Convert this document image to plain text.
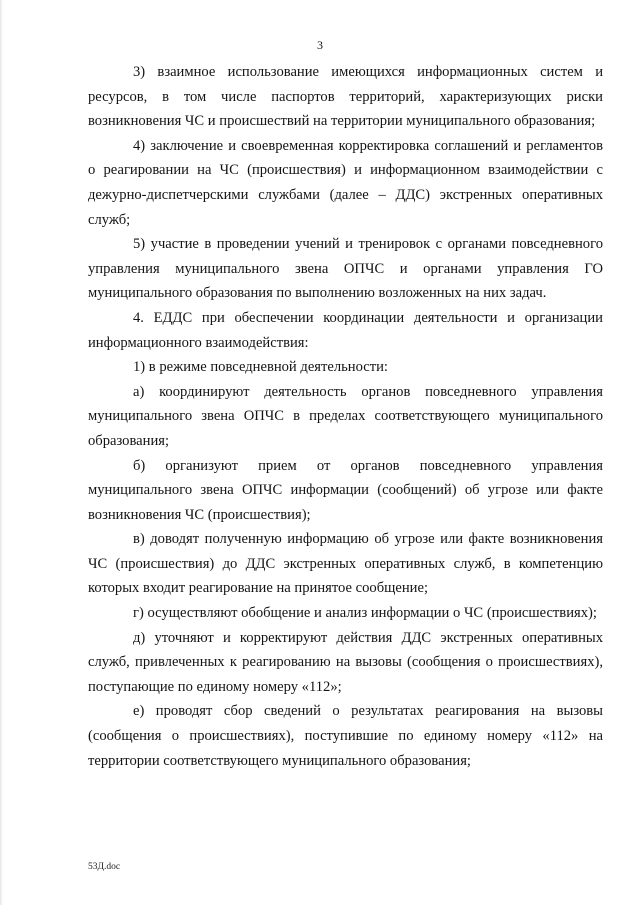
3

3) взаимное использование имеющихся информационных систем и ресурсов, в том числе паспортов территорий, характеризующих риски возникновения ЧС и происшествий на территории муниципального образования;

4) заключение и своевременная корректировка соглашений и регламентов о реагировании на ЧС (происшествия) и информационном взаимодействии с дежурно-диспетчерскими службами (далее – ДДС) экстренных оперативных служб;

5) участие в проведении учений и тренировок с органами повседневного управления муниципального звена ОПЧС и органами управления ГО муниципального образования по выполнению возложенных на них задач.

4. ЕДДС при обеспечении координации деятельности и организации информационного взаимодействия:

1) в режиме повседневной деятельности:

а) координируют деятельность органов повседневного управления муниципального звена ОПЧС в пределах соответствующего муниципального образования;

б) организуют прием от органов повседневного управления муниципального звена ОПЧС информации (сообщений) об угрозе или факте возникновения ЧС (происшествия);

в) доводят полученную информацию об угрозе или факте возникновения ЧС (происшествия) до ДДС экстренных оперативных служб, в компетенцию которых входит реагирование на принятое сообщение;

г) осуществляют обобщение и анализ информации о ЧС (происшествиях);

д) уточняют и корректируют действия ДДС экстренных оперативных служб, привлеченных к реагированию на вызовы (сообщения о происшествиях), поступающие по единому номеру «112»;

е) проводят сбор сведений о результатах реагирования на вызовы (сообщения о происшествиях), поступившие по единому номеру «112» на территории соответствующего муниципального образования;

53Д.doc
